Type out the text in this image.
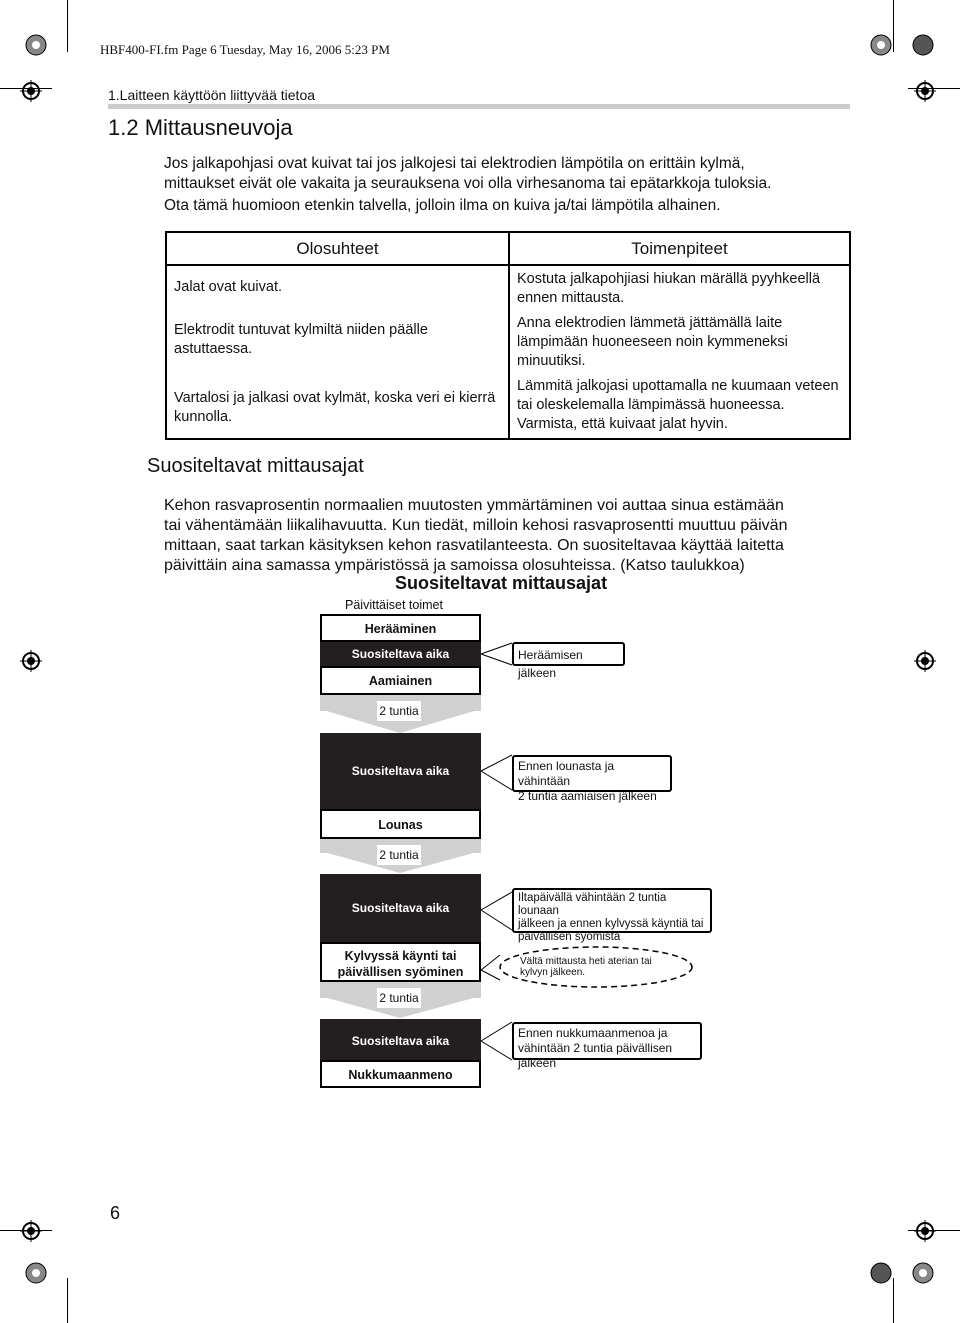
HBF400-FI.fm Page 6 Tuesday, May 16, 2006 5:23 PM
1.Laitteen käyttöön liittyvää tietoa
1.2 Mittausneuvoja
Jos jalkapohjasi ovat kuivat tai jos jalkojesi tai elektrodien lämpötila on erittäin kylmä,
mittaukset eivät ole vakaita ja seurauksena voi olla virhesanoma tai epätarkkoja tuloksia.
Ota tämä huomioon etenkin talvella, jolloin ilma on kuiva ja/tai lämpötila alhainen.
Olosuhteet	Toimenpiteet
Jalat ovat kuivat.	Kostuta jalkapohjiasi hiukan märällä pyyhkeellä ennen mittausta.
Elektrodit tuntuvat kylmiltä niiden päälle astuttaessa.	Anna elektrodien lämmetä jättämällä laite lämpimään huoneeseen noin kymmeneksi minuutiksi.
Vartalosi ja jalkasi ovat kylmät, koska veri ei kierrä kunnolla.	Lämmitä jalkojasi upottamalla ne kuumaan veteen tai oleskelemalla lämpimässä huoneessa. Varmista, että kuivaat jalat hyvin.
Suositeltavat mittausajat
Kehon rasvaprosentin normaalien muutosten ymmärtäminen voi auttaa sinua estämään
tai vähentämään liikalihavuutta. Kun tiedät, milloin kehosi rasvaprosentti muuttuu päivän
mittaan, saat tarkan käsityksen kehon rasvatilanteesta. On suositeltavaa käyttää laitetta
päivittäin aina samassa ympäristössä ja samoissa olosuhteissa. (Katso taulukkoa)
Suositeltavat mittausajat
Päivittäiset toimet
Herääminen
Suositeltava aika
Aamiainen
2 tuntia
Suositeltava aika
Lounas
2 tuntia
Suositeltava aika
Kylvyssä käynti tai
päivällisen syöminen
2 tuntia
Suositeltava aika
Nukkumaanmeno
Heräämisen jälkeen
Ennen lounasta ja vähintään
2 tuntia aamiaisen jälkeen
Iltapäivällä vähintään 2 tuntia lounaan
jälkeen ja ennen kylvyssä käyntiä tai
päivällisen syömistä
Vältä mittausta heti aterian tai
kylvyn jälkeen.
Ennen nukkumaanmenoa ja
vähintään 2 tuntia päivällisen jälkeen
6
